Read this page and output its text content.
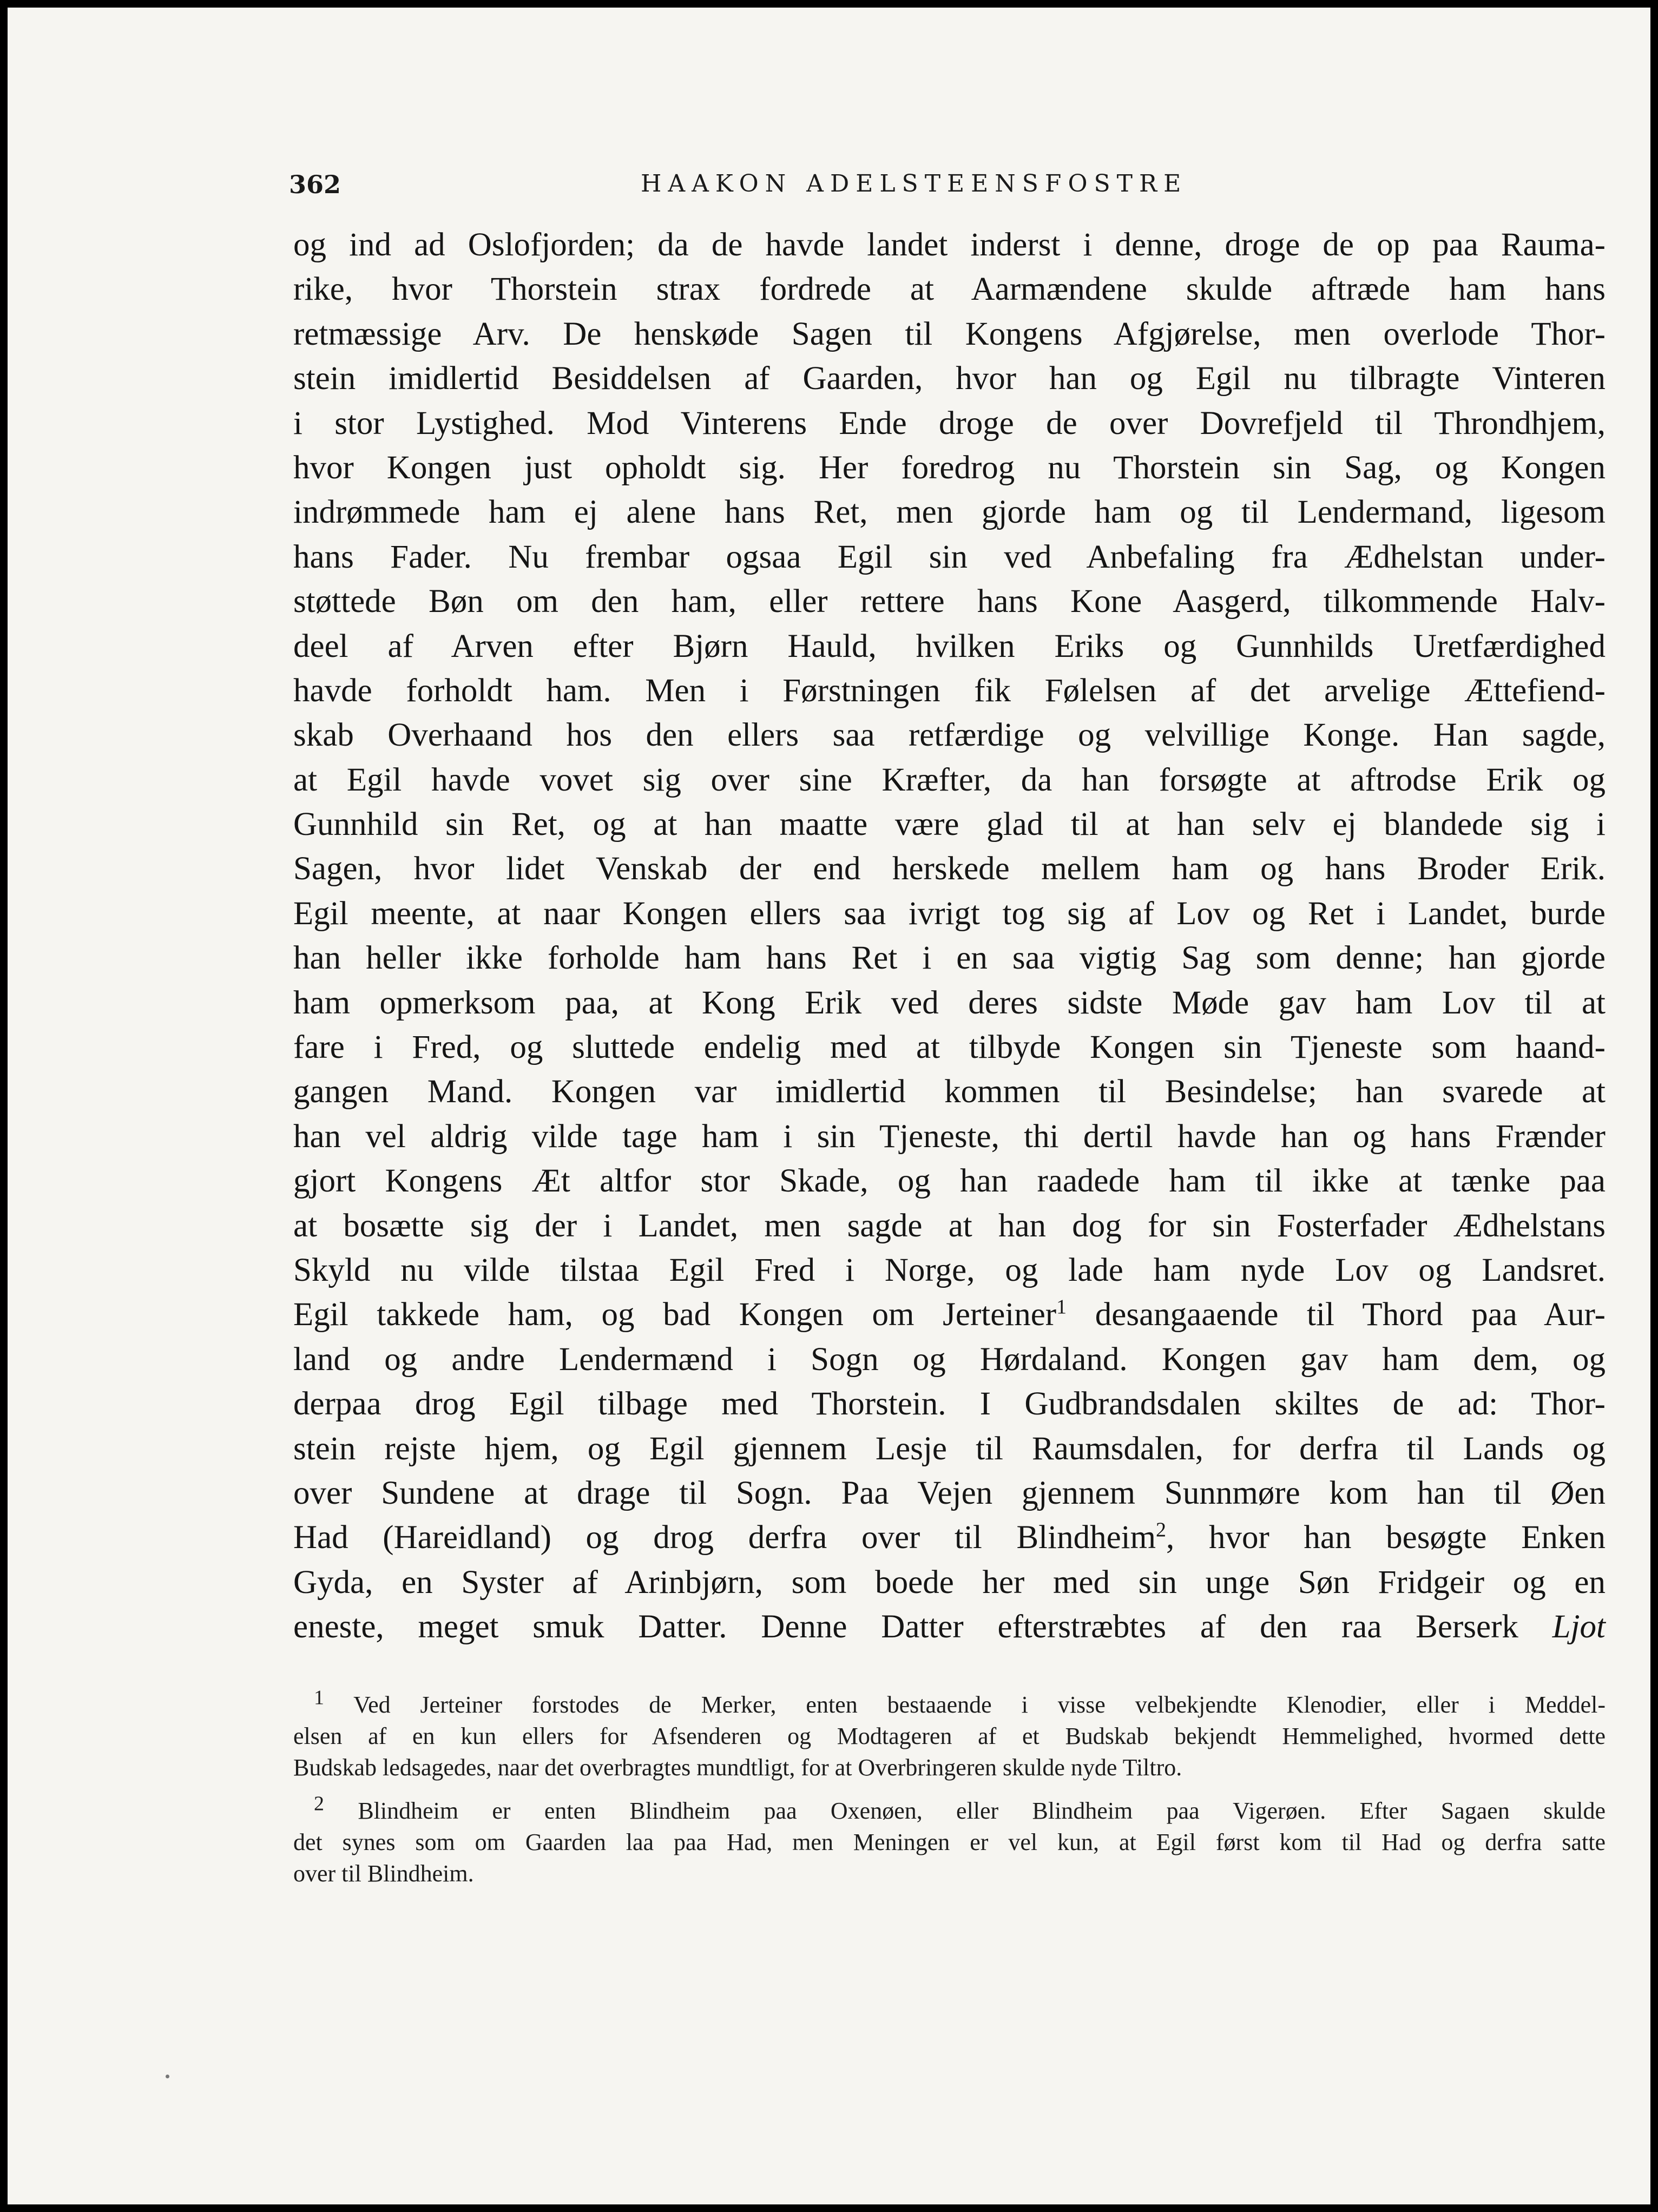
362	HAAKON ADELSTEENSFOSTRE
og ind ad Oslofjorden; da de havde landet inderst i denne, droge de op paa Rauma-
rike, hvor Thorstein strax fordrede at Aarmændene skulde aftræde ham hans
retmæssige Arv. De henskøde Sagen til Kongens Afgjørelse, men overlode Thor-
stein imidlertid Besiddelsen af Gaarden, hvor han og Egil nu tilbragte Vinteren
i stor Lystighed. Mod Vinterens Ende droge de over Dovrefjeld til Throndhjem,
hvor Kongen just opholdt sig. Her foredrog nu Thorstein sin Sag, og Kongen
indrømmede ham ej alene hans Ret, men gjorde ham og til Lendermand, ligesom
hans Fader. Nu frembar ogsaa Egil sin ved Anbefaling fra Ædhelstan under-
støttede Bøn om den ham, eller rettere hans Kone Aasgerd, tilkommende Halv-
deel af Arven efter Bjørn Hauld, hvilken Eriks og Gunnhilds Uretfærdighed
havde forholdt ham. Men i Førstningen fik Følelsen af det arvelige Ættefiend-
skab Overhaand hos den ellers saa retfærdige og velvillige Konge. Han sagde,
at Egil havde vovet sig over sine Kræfter, da han forsøgte at aftrodse Erik og
Gunnhild sin Ret, og at han maatte være glad til at han selv ej blandede sig i
Sagen, hvor lidet Venskab der end herskede mellem ham og hans Broder Erik.
Egil meente, at naar Kongen ellers saa ivrigt tog sig af Lov og Ret i Landet, burde
han heller ikke forholde ham hans Ret i en saa vigtig Sag som denne; han gjorde
ham opmerksom paa, at Kong Erik ved deres sidste Møde gav ham Lov til at
fare i Fred, og sluttede endelig med at tilbyde Kongen sin Tjeneste som haand-
gangen Mand. Kongen var imidlertid kommen til Besindelse; han svarede at
han vel aldrig vilde tage ham i sin Tjeneste, thi dertil havde han og hans Frænder
gjort Kongens Æt altfor stor Skade, og han raadede ham til ikke at tænke paa
at bosætte sig der i Landet, men sagde at han dog for sin Fosterfader Ædhelstans
Skyld nu vilde tilstaa Egil Fred i Norge, og lade ham nyde Lov og Landsret.
Egil takkede ham, og bad Kongen om Jerteiner$^1$ desangaaende til Thord paa Aur-
land og andre Lendermænd i Sogn og Hørdaland. Kongen gav ham dem, og
derpaa drog Egil tilbage med Thorstein. I Gudbrandsdalen skiltes de ad: Thor-
stein rejste hjem, og Egil gjennem Lesje til Raumsdalen, for derfra til Lands og
over Sundene at drage til Sogn. Paa Vejen gjennem Sunnmøre kom han til Øen
Had (Hareidland) og drog derfra over til Blindheim$^2$, hvor han besøgte Enken
Gyda, en Syster af Arinbjørn, som boede her med sin unge Søn Fridgeir og en
eneste, meget smuk Datter. Denne Datter efterstræbtes af den raa Berserk Ljot
$^1$ Ved Jerteiner forstodes de Merker, enten bestaaende i visse velbekjendte Klenodier, eller i Meddel-
elsen af en kun ellers for Afsenderen og Modtageren af et Budskab bekjendt Hemmelighed, hvormed dette
Budskab ledsagedes, naar det overbragtes mundtligt, for at Overbringeren skulde nyde Tiltro.
$^2$ Blindheim er enten Blindheim paa Oxenøen, eller Blindheim paa Vigerøen. Efter Sagaen skulde
det synes som om Gaarden laa paa Had, men Meningen er vel kun, at Egil først kom til Had og derfra satte
over til Blindheim.
